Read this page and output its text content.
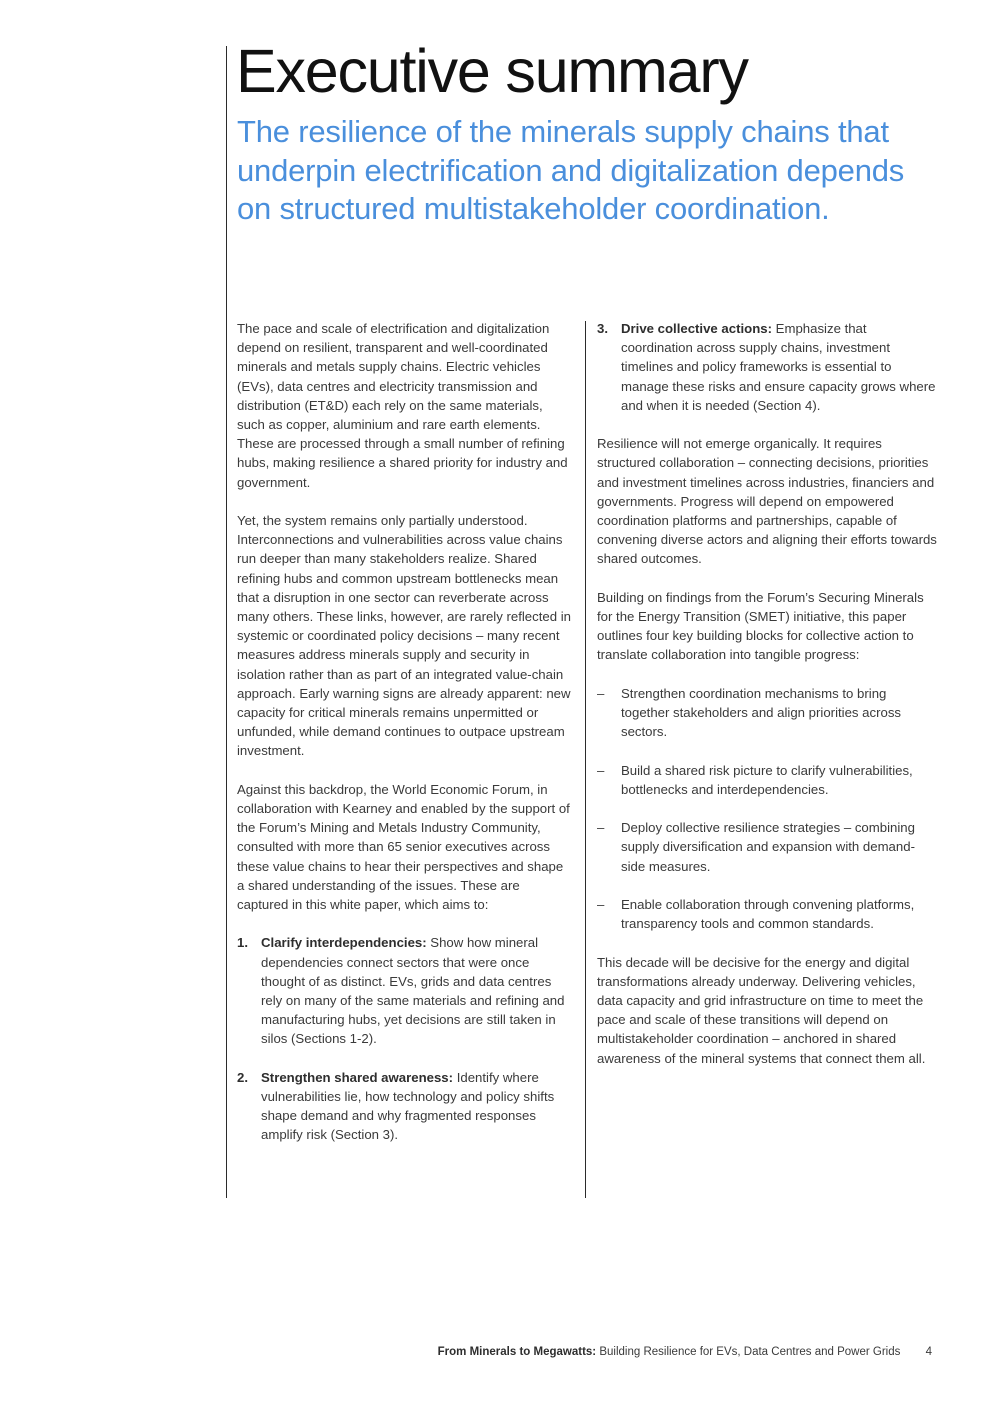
Executive summary
The resilience of the minerals supply chains that underpin electrification and digitalization depends on structured multistakeholder coordination.

The pace and scale of electrification and digitalization depend on resilient, transparent and well-coordinated minerals and metals supply chains. Electric vehicles (EVs), data centres and electricity transmission and distribution (ET&D) each rely on the same materials, such as copper, aluminium and rare earth elements. These are processed through a small number of refining hubs, making resilience a shared priority for industry and government.

Yet, the system remains only partially understood. Interconnections and vulnerabilities across value chains run deeper than many stakeholders realize. Shared refining hubs and common upstream bottlenecks mean that a disruption in one sector can reverberate across many others. These links, however, are rarely reflected in systemic or coordinated policy decisions – many recent measures address minerals supply and security in isolation rather than as part of an integrated value-chain approach. Early warning signs are already apparent: new capacity for critical minerals remains unpermitted or unfunded, while demand continues to outpace upstream investment.

Against this backdrop, the World Economic Forum, in collaboration with Kearney and enabled by the support of the Forum’s Mining and Metals Industry Community, consulted with more than 65 senior executives across these value chains to hear their perspectives and shape a shared understanding of the issues. These are captured in this white paper, which aims to:

1. Clarify interdependencies: Show how mineral dependencies connect sectors that were once thought of as distinct. EVs, grids and data centres rely on many of the same materials and refining and manufacturing hubs, yet decisions are still taken in silos (Sections 1-2).
2. Strengthen shared awareness: Identify where vulnerabilities lie, how technology and policy shifts shape demand and why fragmented responses amplify risk (Section 3).
3. Drive collective actions: Emphasize that coordination across supply chains, investment timelines and policy frameworks is essential to manage these risks and ensure capacity grows where and when it is needed (Section 4).

Resilience will not emerge organically. It requires structured collaboration – connecting decisions, priorities and investment timelines across industries, financiers and governments. Progress will depend on empowered coordination platforms and partnerships, capable of convening diverse actors and aligning their efforts towards shared outcomes.

Building on findings from the Forum’s Securing Minerals for the Energy Transition (SMET) initiative, this paper outlines four key building blocks for collective action to translate collaboration into tangible progress:

– Strengthen coordination mechanisms to bring together stakeholders and align priorities across sectors.
– Build a shared risk picture to clarify vulnerabilities, bottlenecks and interdependencies.
– Deploy collective resilience strategies – combining supply diversification and expansion with demand-side measures.
– Enable collaboration through convening platforms, transparency tools and common standards.

This decade will be decisive for the energy and digital transformations already underway. Delivering vehicles, data capacity and grid infrastructure on time to meet the pace and scale of these transitions will depend on multistakeholder coordination – anchored in shared awareness of the mineral systems that connect them all.

From Minerals to Megawatts: Building Resilience for EVs, Data Centres and Power Grids 4
